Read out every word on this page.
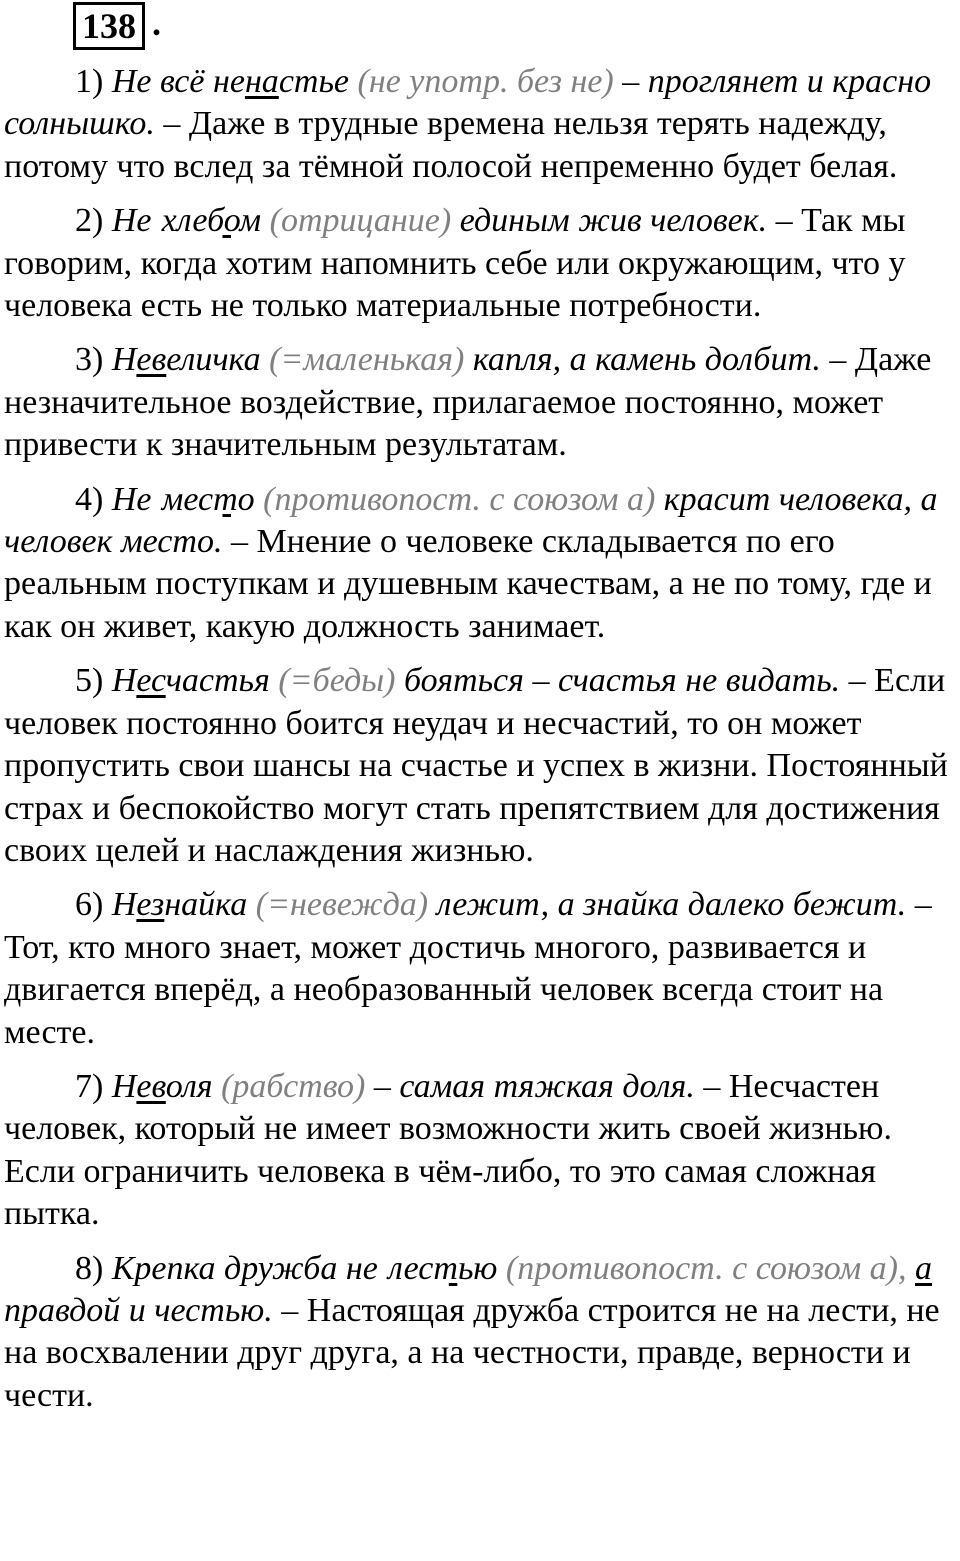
138 .

1) Не всё ненастье (не употр. без не) – проглянет и красно солнышко. – Даже в трудные времена нельзя терять надежду, потому что вслед за тёмной полосой непременно будет белая.

2) Не хлебом (отрицание) единым жив человек. – Так мы говорим, когда хотим напомнить себе или окружающим, что у человека есть не только материальные потребности.

3) Невеличка (=маленькая) капля, а камень долбит. – Даже незначительное воздействие, прилагаемое постоянно, может привести к значительным результатам.

4) Не место (противопост. с союзом а) красит человека, а человек место. – Мнение о человеке складывается по его реальным поступкам и душевным качествам, а не по тому, где и как он живет, какую должность занимает.

5) Несчастья (=беды) бояться – счастья не видать. – Если человек постоянно боится неудач и несчастий, то он может пропустить свои шансы на счастье и успех в жизни. Постоянный страх и беспокойство могут стать препятствием для достижения своих целей и наслаждения жизнью.

6) Незнайка (=невежда) лежит, а знайка далеко бежит. – Тот, кто много знает, может достичь многого, развивается и двигается вперёд, а необразованный человек всегда стоит на месте.

7) Неволя (рабство) – самая тяжкая доля. – Несчастен человек, который не имеет возможности жить своей жизнью. Если ограничить человека в чём-либо, то это самая сложная пытка.

8) Крепка дружба не лестью (противопост. с союзом а), а правдой и честью. – Настоящая дружба строится не на лести, не на восхвалении друг друга, а на честности, правде, верности и чести.
